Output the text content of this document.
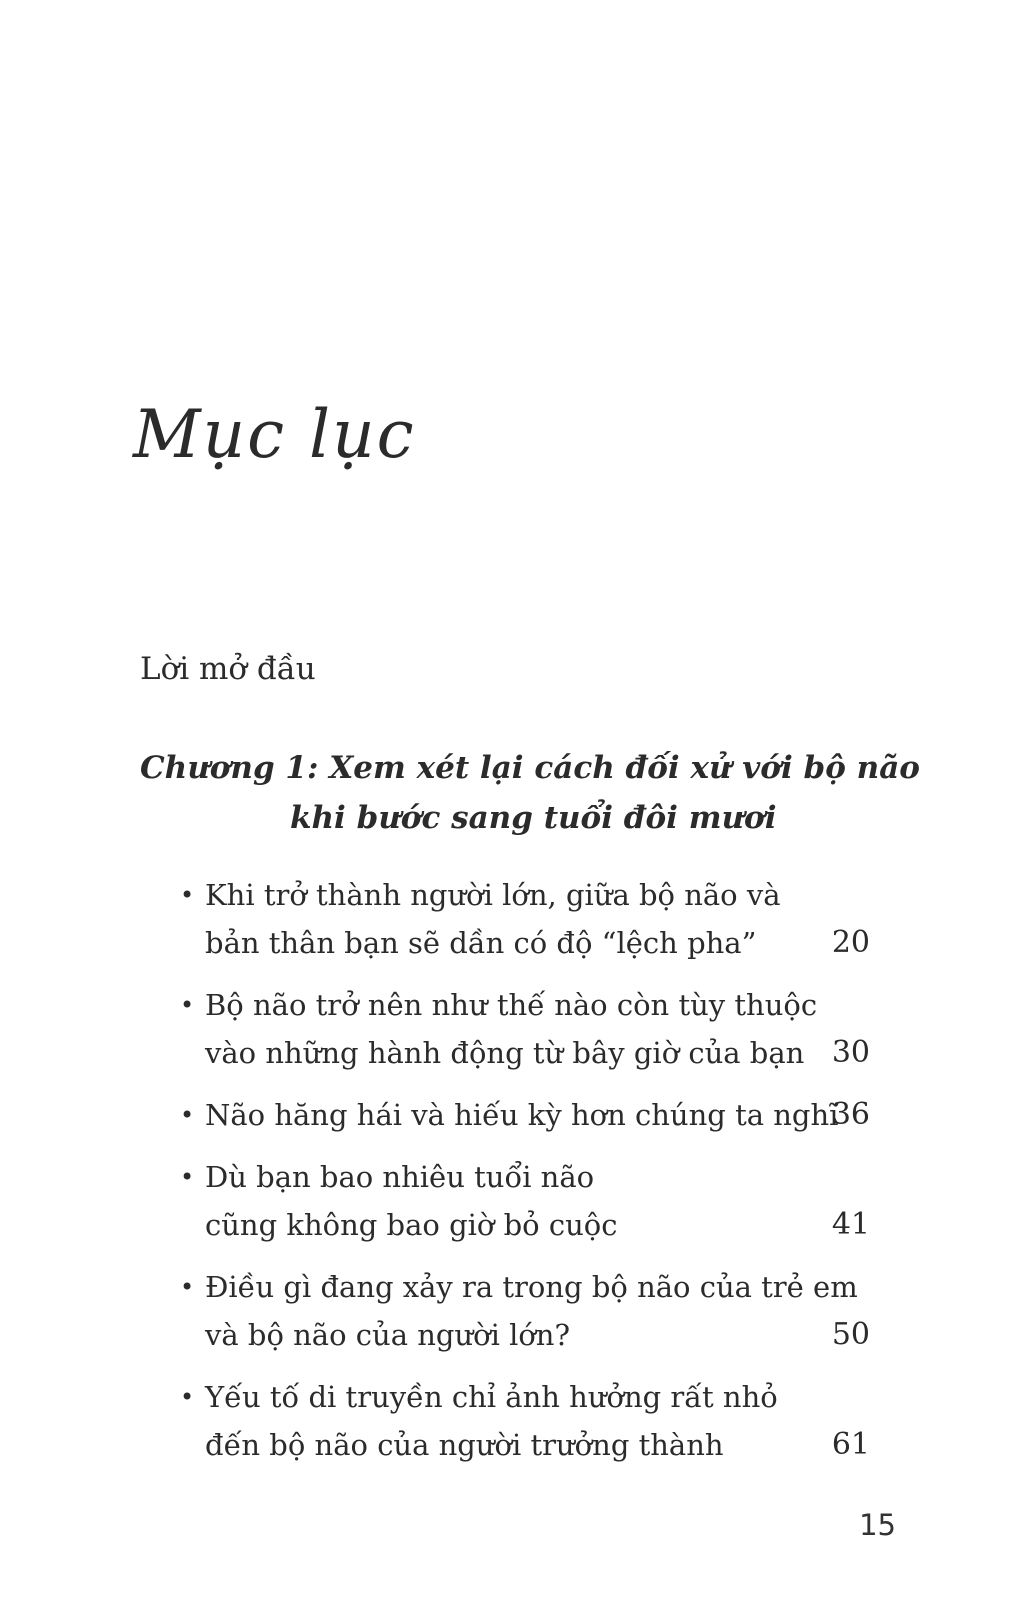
Mục lục
Lời mở đầu
Chương 1: Xem xét lại cách đối xử với bộ não
khi bước sang tuổi đôi mươi
• Khi trở thành người lớn, giữa bộ não và
bản thân bạn sẽ dần có độ “lệch pha”	20
• Bộ não trở nên như thế nào còn tùy thuộc
vào những hành động từ bây giờ của bạn 30
• Não hăng hái và hiếu kỳ hơn chúng ta nghĩ
36
• Dù bạn bao nhiêu tuổi não
cũng không bao giờ bỏ cuộc	41
• Điều gì đang xảy ra trong bộ não của trẻ em
và bộ não của người lớn?	50
• Yếu tố di truyền chỉ ảnh hưởng rất nhỏ
đến bộ não của người trưởng thành	61
15
